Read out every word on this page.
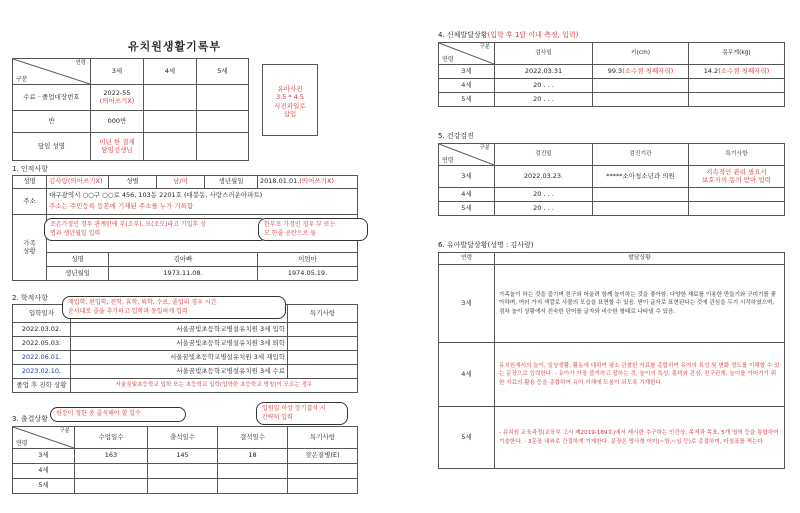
유치원생활기록부
연령
구분	3세	4세	5세
수료 · 졸업대장번호	2022-55
(띄어쓰기X)		

반	000반		
담임 성명	이년 한 결재
담임선생님		

유아사진
3.5 * 4.5
사진파일로
삽입
1. 인적사항
성명	김사랑(띄어쓰기X)	성별	남/여	생년월일	2018.01.01.(띄어쓰기X)
주소	대구광역시 ○○구 ○○로 456, 103동 2201호 (대봉동, 사랑스러운아파트)
주소는 주민등록 등본에 기재된 주소를 누가 기록함				

가족
상황					

	성명	김아빠			이엄마
	생년월일	1973.11.08.			1974.05.19.
조손가정인 경우 관계란에 부(조부), 모(조모)라고 기입후 성
명과 생년월일 입력
한부모 가정인 경우 부 또는
모 한줄 공란으로 둠
2. 학적사항
입학일자		특기사항
2022.03.02.	서울꿈빛초등학교병설유치원 3세 입학	
2022.05.03.	서울꿈빛초등학교병설유치원 3세 퇴학	
2022.06.01.	서울꿈빛초등학교병설유치원 3세 재입학	
2023.02.10.	서울꿈빛초등학교병설유치원 3세 수료	
졸업 후 진학 상황	서울꿈빛초등학교 입학 또는 초등학교 입학(입학한 초등학교 명칭)이 모르는 경우	
재입학, 편입학, 전학, 휴학, 퇴학, 수료, 졸업의 경우 시간
순서대로 줄을 추가하고 입학과 동일하게 입력
3. 출결상황
구분
연령	수업일수	출석일수	결석일수	특기사항
3세	163	145	18	잦은질병(E)
4세				
5세				
원장이 정한 총 출석해야 할 일수
입원일 이상 장기결석 시
간략히 입력
4. 신체발달상황(입학 후 1달 이내 측정, 입력)
구분
연령	검사일	키(cm)	몸무게(kg)
3세	2022.03.31	99.3(소수점 첫째자리)	14.2(소수점 첫째자리)
4세	20 . . .		
5세	20 . . .		
5. 건강검진
구분
연령	검진일	검진기관	특기사항
3세	2022.03.23.	*****소아청소년과 의원	지속적인 관리 필요시
보호자의 동의 받아 입력

4세	20 . . .		
5세	20 . . .		
6. 유아발달상황(성명 : 김사랑)
연령	발달상황
3세	가족놀이 하는 것을 즐기며 친구와 어울려 함께 놀이하는 것을 좋아함. 다양한 재료를 이용한 만들기와 구미기를 좋아하며, 여러 가지 색깔로 사물의 모습을 표현할 수 있음. 받이 글자로 표현된다는 것에 관심을 두기 시작하였으며, 점차 놀이 상황에서 친숙한 단어를 글자와 비슷한 형태로 나타낼 수 있음.
4세	유치원에서의 놀이, 일상생활, 활동에 대하여 평소 관찰한 자료를 종합하여 유아의 특성 및 변화 정도를 이해할 수 있는 문장으로 입력한다. - 유아가 가장 즐겨하고 잘하는 것, 놀이의 특성, 흥미와 관심, 친구관계, 놀이를 이어가기 위한 자료의 활용 등을 종합하여 유아 이해에 도움이 되도록 기재한다
5세	- 유치원 교육과정(교육부 고시 제2019-189호)에서 제시한 추구하는 인간상, 목적과 목표, 5개 영역 등을 통합하여 기술한다. - 3문장 내외로 간결하게 기재한다. 문장은 명사형 어미(~함,~임 등)로 종결하며, 마침표를 찍는다
